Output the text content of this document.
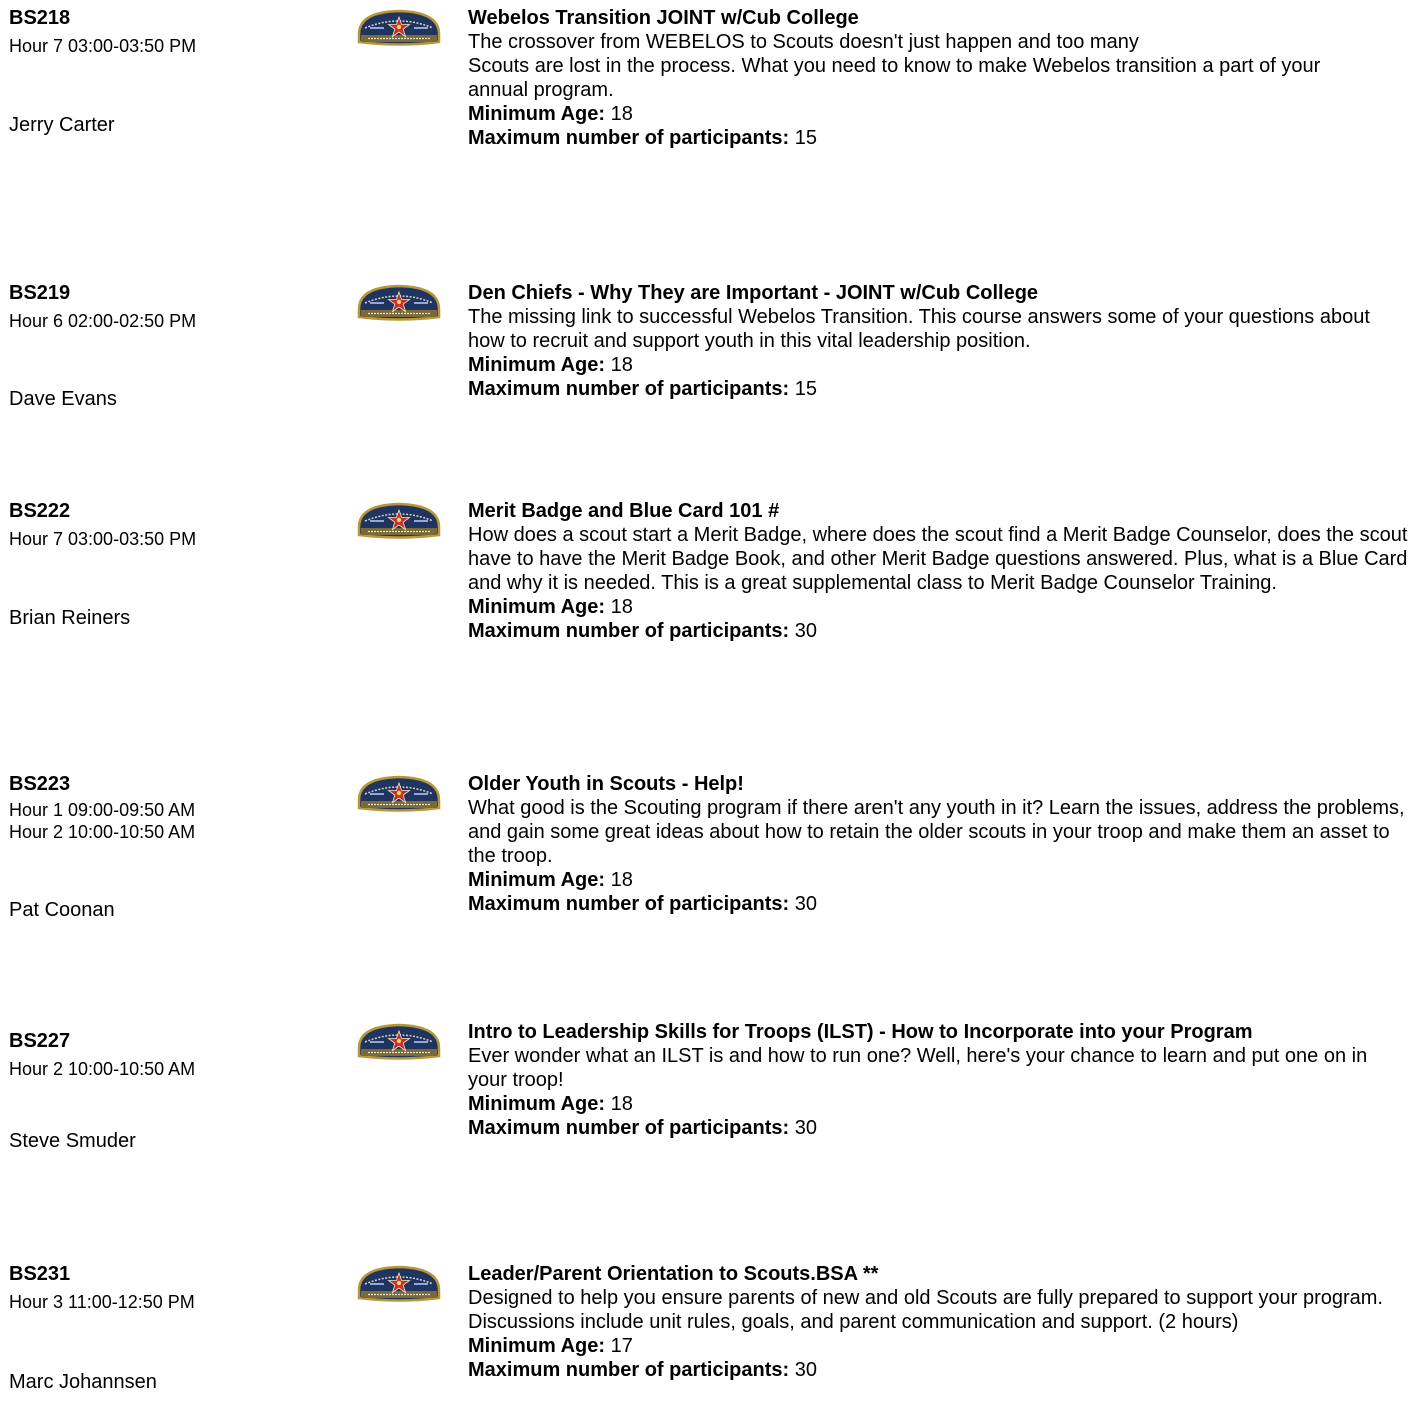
BS218
Hour 7 03:00-03:50 PM
Jerry Carter
Webelos Transition JOINT w/Cub College
The crossover from WEBELOS to Scouts doesn't just happen and too many
Scouts are lost in the process. What you need to know to make Webelos transition a part of your
annual program.
Minimum Age: 18
Maximum number of participants: 15
BS219
Hour 6 02:00-02:50 PM
Dave Evans
Den Chiefs - Why They are Important - JOINT w/Cub College
The missing link to successful Webelos Transition. This course answers some of your questions about how to recruit and support youth in this vital leadership position.
Minimum Age: 18
Maximum number of participants: 15
BS222
Hour 7 03:00-03:50 PM
Brian Reiners
Merit Badge and Blue Card 101 #
How does a scout start a Merit Badge, where does the scout find a Merit Badge Counselor, does the scout have to have the Merit Badge Book, and other Merit Badge questions answered. Plus, what is a Blue Card and why it is needed. This is a great supplemental class to Merit Badge Counselor Training.
Minimum Age: 18
Maximum number of participants: 30
BS223
Hour 1 09:00-09:50 AM
Hour 2 10:00-10:50 AM
Pat Coonan
Older Youth in Scouts - Help!
What good is the Scouting program if there aren't any youth in it? Learn the issues, address the problems, and gain some great ideas about how to retain the older scouts in your troop and make them an asset to the troop.
Minimum Age: 18
Maximum number of participants: 30
BS227
Hour 2 10:00-10:50 AM
Steve Smuder
Intro to Leadership Skills for Troops (ILST) - How to Incorporate into your Program
Ever wonder what an ILST is and how to run one? Well, here's your chance to learn and put one on in your troop!
Minimum Age: 18
Maximum number of participants: 30
BS231
Hour 3 11:00-12:50 PM
Marc Johannsen
Leader/Parent Orientation to Scouts.BSA **
Designed to help you ensure parents of new and old Scouts are fully prepared to support your program. Discussions include unit rules, goals, and parent communication and support. (2 hours)
Minimum Age: 17
Maximum number of participants: 30
